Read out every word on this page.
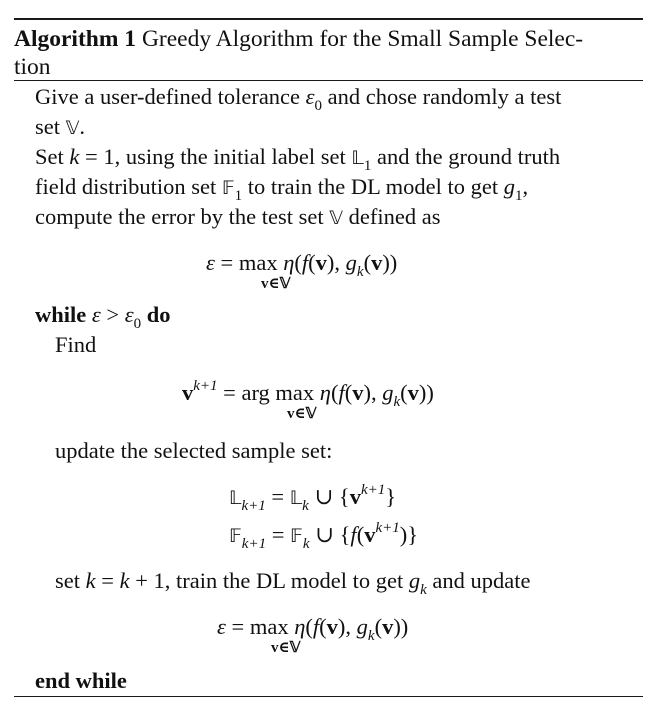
Algorithm 1 Greedy Algorithm for the Small Sample Selec-
tion
Give a user-defined tolerance $\varepsilon_0$ and chose randomly a test
set 𝕍.
Set k = 1, using the initial label set 𝕃$_1$ and the ground truth
field distribution set 𝔽$_1$ to train the DL model to get $g_1$,
compute the error by the test set 𝕍 defined as
ε = max η(f(v), $g_k(v)$)
v∈𝕍
while $\varepsilon > \varepsilon_0$ do
Find
$v^{k+1}$ = arg max η(f(v), $g_k(v)$)
v∈𝕍
update the selected sample set:
𝕃$_{k+1}$ = 𝕃$_k$ ∪ $\{v^{k+1}\}$
𝔽$_{k+1}$ = 𝔽$_k$ ∪ $\{f(v^{k+1})\}$
set k = k + 1, train the DL model to get $g_k$ and update
ε = max η(f(v), $g_k(v)$)
v∈𝕍
end while
